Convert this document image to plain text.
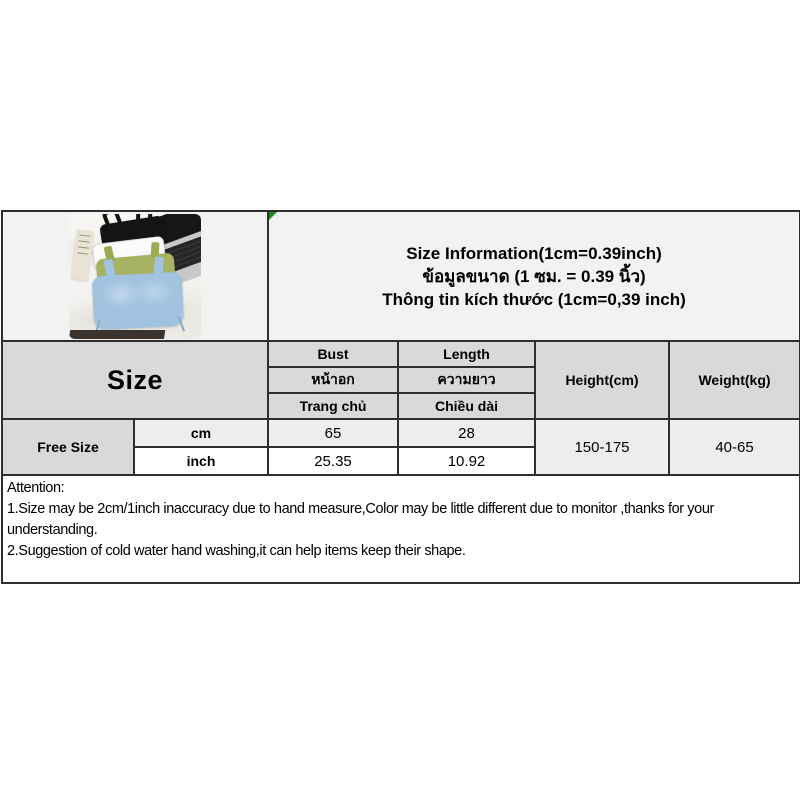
		Size Information(1cm=0.39inch)
ข้อมูลขนาด (1 ซม. = 0.39 นิ้ว)
Thông tin kích thước (1cm=0,39 inch)			

Size		Bust	Length	Height(cm)	Weight(kg)
		หน้าอก	ความยาว		
		Trang chủ	Chiều dài		
Free Size	cm	65	28	150-175	40-65
	inch	25.35	10.92		

Attention:
1.Size may be 2cm/1inch inaccuracy due to hand measure,Color may be little different due to monitor ,thanks for your understanding.
2.Suggestion of cold water hand washing,it can help items keep their shape.					
